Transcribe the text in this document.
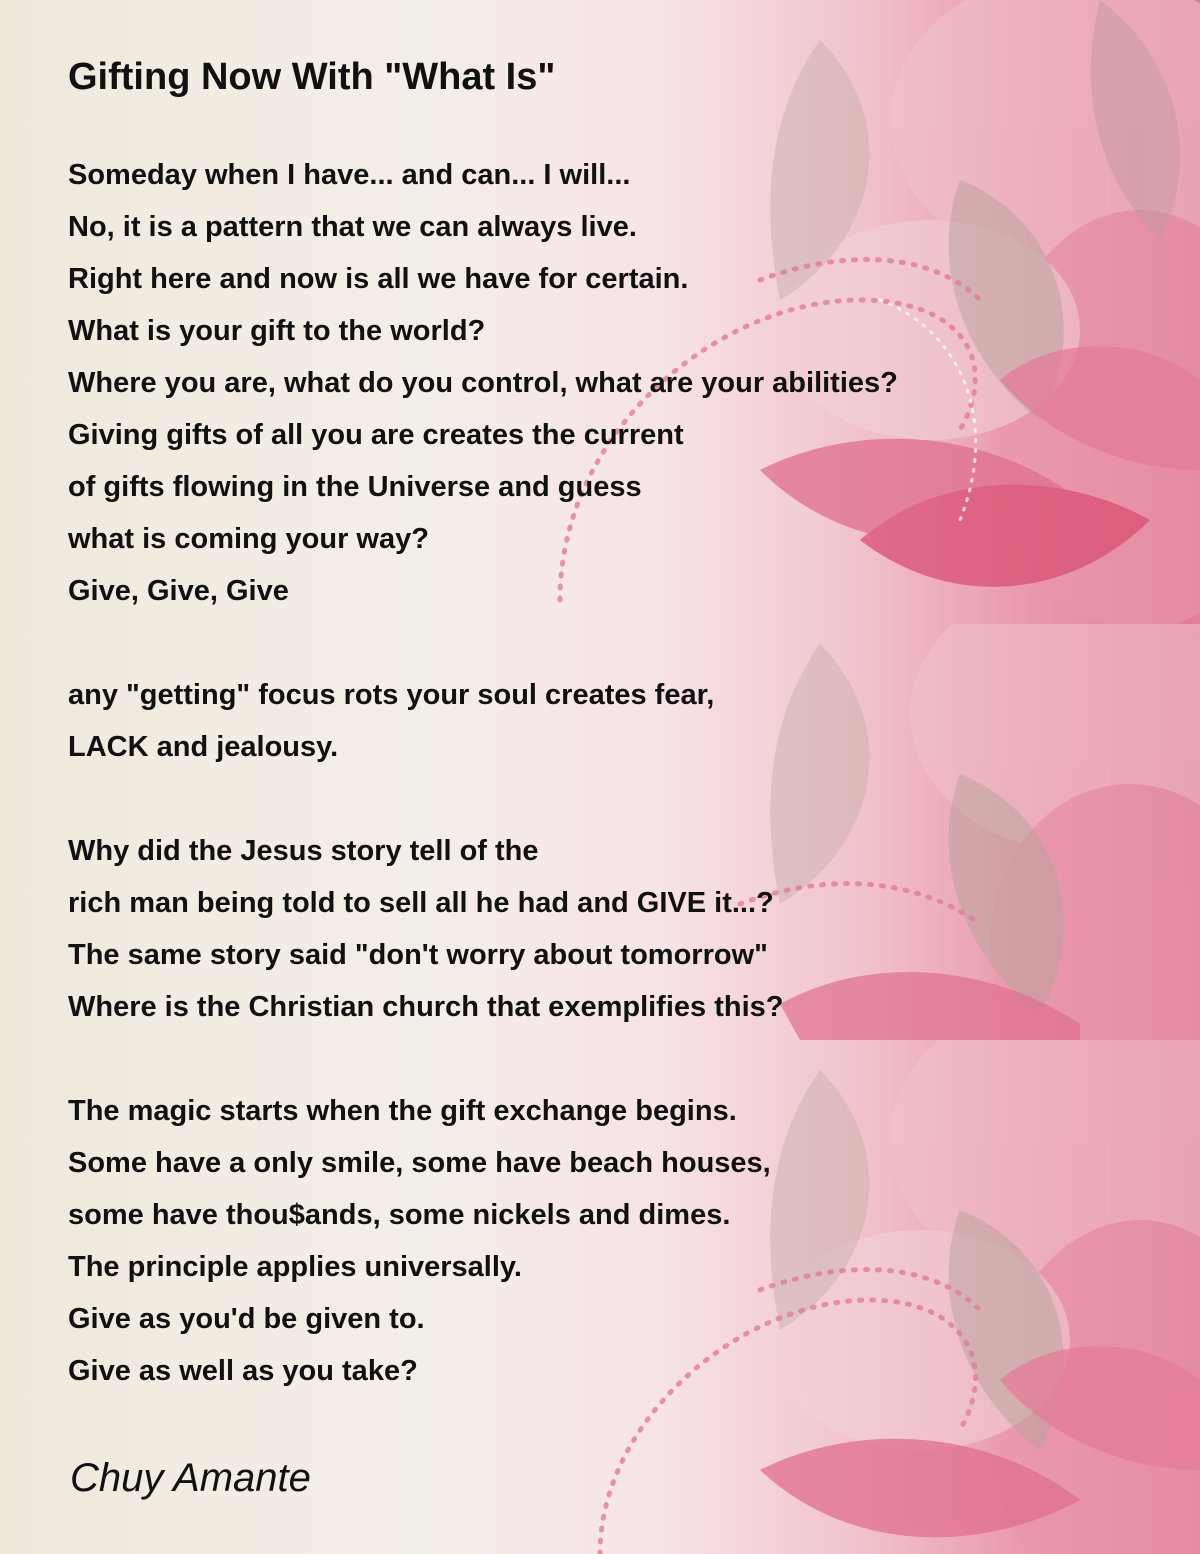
Gifting Now With "What Is"
Someday when I have... and can... I will...
No, it is a pattern that we can always live.
Right here and now is all we have for certain.
What is your gift to the world?
Where you are, what do you control, what are your abilities?
Giving gifts of all you are creates the current
of gifts flowing in the Universe and guess
what is coming your way?
Give, Give, Give
any "getting" focus rots your soul creates fear,
LACK and jealousy.
Why did the Jesus story tell of the
rich man being told to sell all he had and GIVE it...?
The same story said "don't worry about tomorrow"
Where is the Christian church that exemplifies this?
The magic starts when the gift exchange begins.
Some have a only smile, some have beach houses,
some have thou$ands, some nickels and dimes.
The principle applies universally.
Give as you'd be given to.
Give as well as you take?
Chuy Amante
